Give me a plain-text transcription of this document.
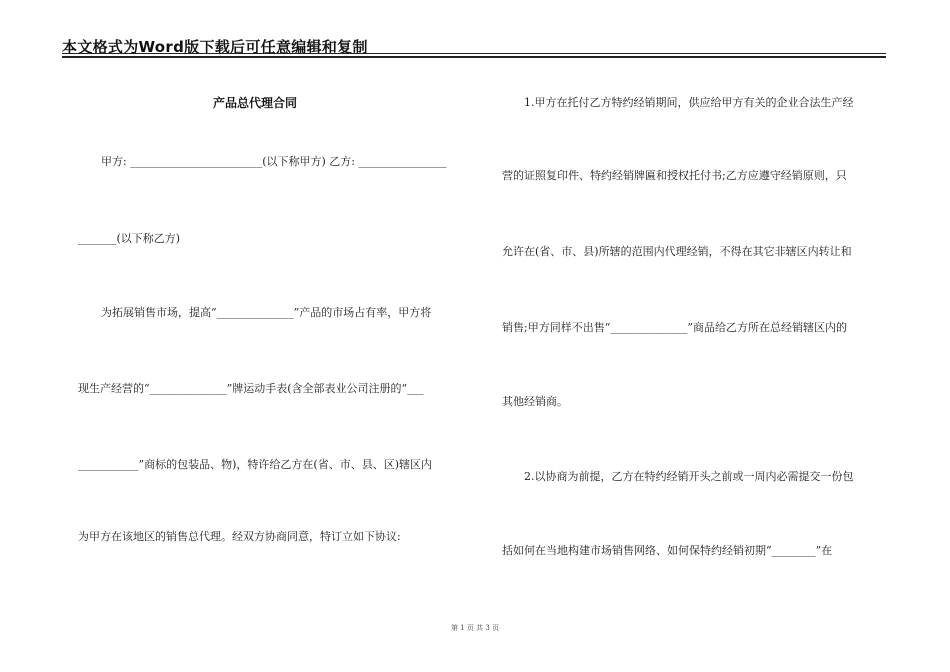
本文格式为Word版下载后可任意编辑和复制

产品总代理合同

甲方: ________________________(以下称甲方) 乙方: ________________

_______(以下称乙方)

为拓展销售市场，提高“______________”产品的市场占有率，甲方将

现生产经营的“______________”牌运动手表(含全部表业公司注册的“___

___________”商标的包装品、物)，特许给乙方在(省、市、县、区)辖区内

为甲方在该地区的销售总代理。经双方协商同意，特订立如下协议:

1.甲方在托付乙方特约经销期间，供应给甲方有关的企业合法生产经

营的证照复印件、特约经销牌匾和授权托付书;乙方应遵守经销原则，只

允许在(省、市、县)所辖的范围内代理经销，不得在其它非辖区内转让和

销售;甲方同样不出售“______________”商品给乙方所在总经销辖区内的

其他经销商。

2.以协商为前提，乙方在特约经销开头之前或一周内必需提交一份包

括如何在当地构建市场销售网络、如何保特约经销初期“________”在

第 1 页 共 3 页
